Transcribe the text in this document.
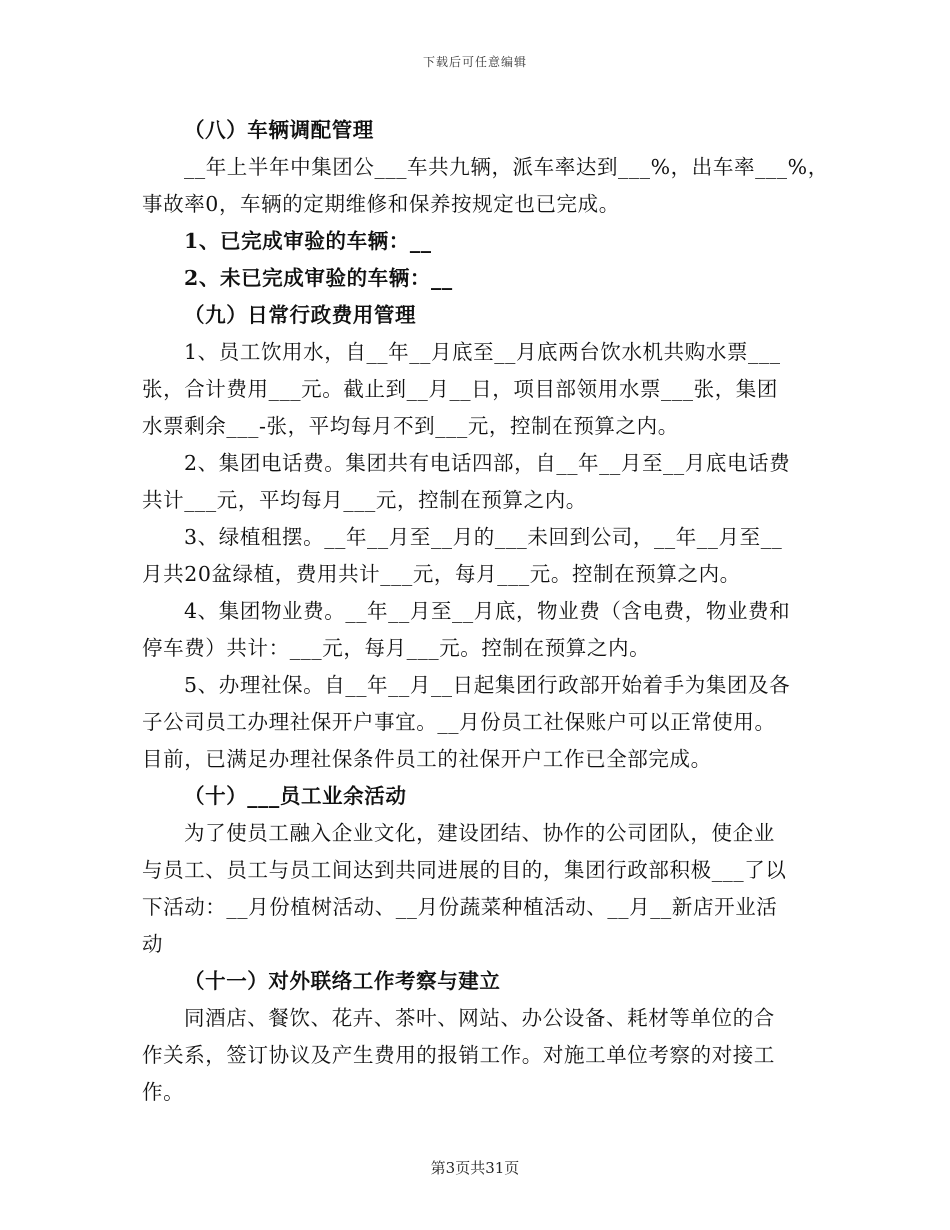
下载后可任意编辑
（八）车辆调配管理
__年上半年中集团公___车共九辆，派车率达到___%，出车率___%，
事故率0，车辆的定期维修和保养按规定也已完成。
1、已完成审验的车辆：__
2、未已完成审验的车辆：__
（九）日常行政费用管理
1、员工饮用水，自__年__月底至__月底两台饮水机共购水票___
张，合计费用___元。截止到__月__日，项目部领用水票___张，集团
水票剩余___-张，平均每月不到___元，控制在预算之内。
2、集团电话费。集团共有电话四部，自__年__月至__月底电话费
共计___元，平均每月___元，控制在预算之内。
3、绿植租摆。__年__月至__月的___未回到公司，__年__月至__
月共20盆绿植，费用共计___元，每月___元。控制在预算之内。
4、集团物业费。__年__月至__月底，物业费（含电费，物业费和
停车费）共计：___元，每月___元。控制在预算之内。
5、办理社保。自__年__月__日起集团行政部开始着手为集团及各
子公司员工办理社保开户事宜。__月份员工社保账户可以正常使用。
目前，已满足办理社保条件员工的社保开户工作已全部完成。
（十）___员工业余活动
为了使员工融入企业文化，建设团结、协作的公司团队，使企业
与员工、员工与员工间达到共同进展的目的，集团行政部积极___了以
下活动：__月份植树活动、__月份蔬菜种植活动、__月__新店开业活
动
（十一）对外联络工作考察与建立
同酒店、餐饮、花卉、茶叶、网站、办公设备、耗材等单位的合
作关系，签订协议及产生费用的报销工作。对施工单位考察的对接工
作。
第3页共31页
